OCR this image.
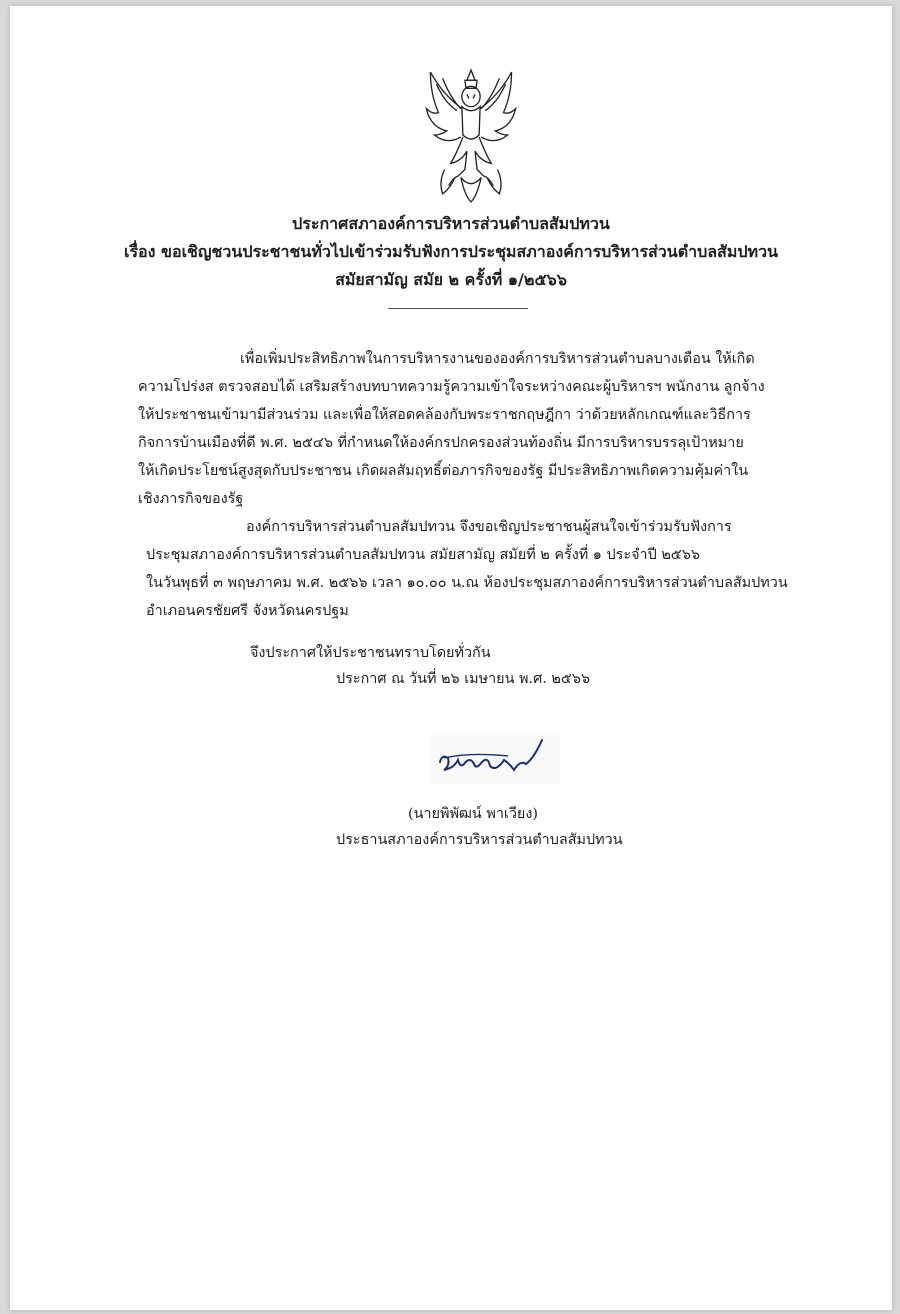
ประกาศสภาองค์การบริหารส่วนตำบลสัมปทวน
เรื่อง ขอเชิญชวนประชาชนทั่วไปเข้าร่วมรับฟังการประชุมสภาองค์การบริหารส่วนตำบลสัมปทวน
สมัยสามัญ สมัย ๒ ครั้งที่ ๑/๒๕๖๖
เพื่อเพิ่มประสิทธิภาพในการบริหารงานขององค์การบริหารส่วนตำบลบางเตือน ให้เกิด
ความโปร่งส ตรวจสอบได้ เสริมสร้างบทบาทความรู้ความเข้าใจระหว่างคณะผู้บริหารฯ พนักงาน ลูกจ้าง
ให้ประชาชนเข้ามามีส่วนร่วม และเพื่อให้สอดคล้องกับพระราชกฤษฎีกา ว่าด้วยหลักเกณฑ์และวิธีการ
กิจการบ้านเมืองที่ดี พ.ศ. ๒๕๔๖ ที่กำหนดให้องค์กรปกครองส่วนท้องถิ่น มีการบริหารบรรลุเป้าหมาย
ให้เกิดประโยชน์สูงสุดกับประชาชน เกิดผลสัมฤทธิ์ต่อภารกิจของรัฐ มีประสิทธิภาพเกิดความคุ้มค่าใน
เชิงภารกิจของรัฐ
องค์การบริหารส่วนตำบลสัมปทวน จึงขอเชิญประชาชนผู้สนใจเข้าร่วมรับฟังการ
ประชุมสภาองค์การบริหารส่วนตำบลสัมปทวน สมัยสามัญ สมัยที่ ๒ ครั้งที่ ๑ ประจำปี ๒๕๖๖
ในวันพุธที่ ๓ พฤษภาคม พ.ศ. ๒๕๖๖ เวลา ๑๐.๐๐ น.ณ ห้องประชุมสภาองค์การบริหารส่วนตำบลสัมปทวน
อำเภอนครชัยศรี จังหวัดนครปฐม
จึงประกาศให้ประชาชนทราบโดยทั่วกัน
ประกาศ ณ วันที่ ๒๖ เมษายน พ.ศ. ๒๕๖๖
(นายพิพัฒน์ พาเวียง)
ประธานสภาองค์การบริหารส่วนตำบลสัมปทวน
